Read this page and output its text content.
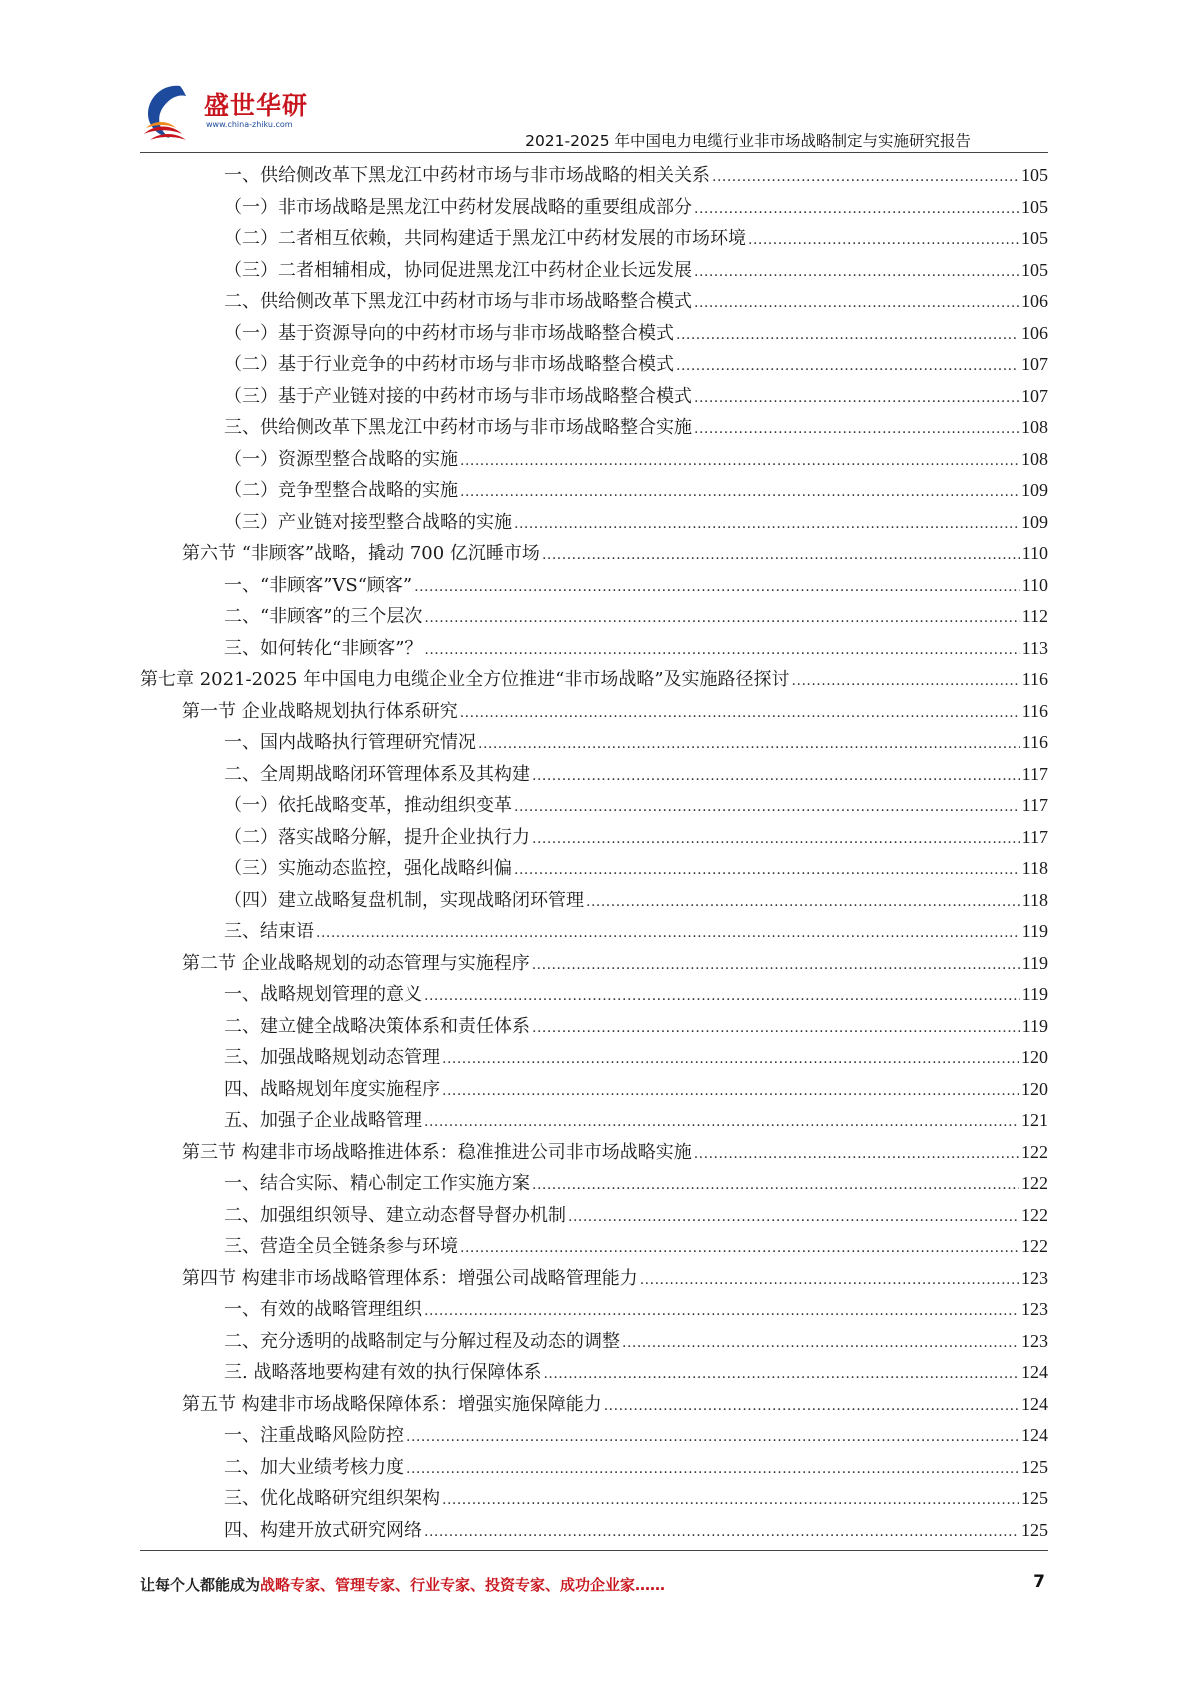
盛世华研
www.china-zhiku.com
2021-2025 年中国电力电缆行业非市场战略制定与实施研究报告
一、供给侧改革下黑龙江中药材市场与非市场战略的相关关系 .....	105
（一）非市场战略是黑龙江中药材发展战略的重要组成部分 .....	105
（二）二者相互依赖，共同构建适于黑龙江中药材发展的市场环境 .....	105
（三）二者相辅相成，协同促进黑龙江中药材企业长远发展 .....	105
二、供给侧改革下黑龙江中药材市场与非市场战略整合模式 .....	106
（一）基于资源导向的中药材市场与非市场战略整合模式 .....	106
（二）基于行业竞争的中药材市场与非市场战略整合模式 .....	107
（三）基于产业链对接的中药材市场与非市场战略整合模式 .....	107
三、供给侧改革下黑龙江中药材市场与非市场战略整合实施 .....	108
（一）资源型整合战略的实施 .....	108
（二）竞争型整合战略的实施 .....	109
（三）产业链对接型整合战略的实施 .....	109
第六节 “非顾客”战略，撬动 700 亿沉睡市场 .....	110
一、“非顾客”VS“顾客” .....	110
二、“非顾客”的三个层次 .....	112
三、如何转化“非顾客”？ .....	113
第七章 2021-2025 年中国电力电缆企业全方位推进“非市场战略”及实施路径探讨 .....	116
第一节 企业战略规划执行体系研究 .....	116
一、国内战略执行管理研究情况 .....	116
二、全周期战略闭环管理体系及其构建 .....	117
（一）依托战略变革，推动组织变革 .....	117
（二）落实战略分解，提升企业执行力 .....	117
（三）实施动态监控，强化战略纠偏 .....	118
（四）建立战略复盘机制，实现战略闭环管理 .....	118
三、结束语 .....	119
第二节 企业战略规划的动态管理与实施程序 .....	119
一、战略规划管理的意义 .....	119
二、建立健全战略决策体系和责任体系 .....	119
三、加强战略规划动态管理 .....	120
四、战略规划年度实施程序 .....	120
五、加强子企业战略管理 .....	121
第三节 构建非市场战略推进体系：稳准推进公司非市场战略实施 .....	122
一、结合实际、精心制定工作实施方案 .....	122
二、加强组织领导、建立动态督导督办机制 .....	122
三、营造全员全链条参与环境 .....	122
第四节 构建非市场战略管理体系：增强公司战略管理能力 .....	123
一、有效的战略管理组织 .....	123
二、充分透明的战略制定与分解过程及动态的调整 .....	123
三. 战略落地要构建有效的执行保障体系 .....	124
第五节 构建非市场战略保障体系：增强实施保障能力 .....	124
一、注重战略风险防控 .....	124
二、加大业绩考核力度 .....	125
三、优化战略研究组织架构 .....	125
四、构建开放式研究网络 .....	125
让每个人都能成为战略专家、管理专家、行业专家、投资专家、成功企业家……	7
